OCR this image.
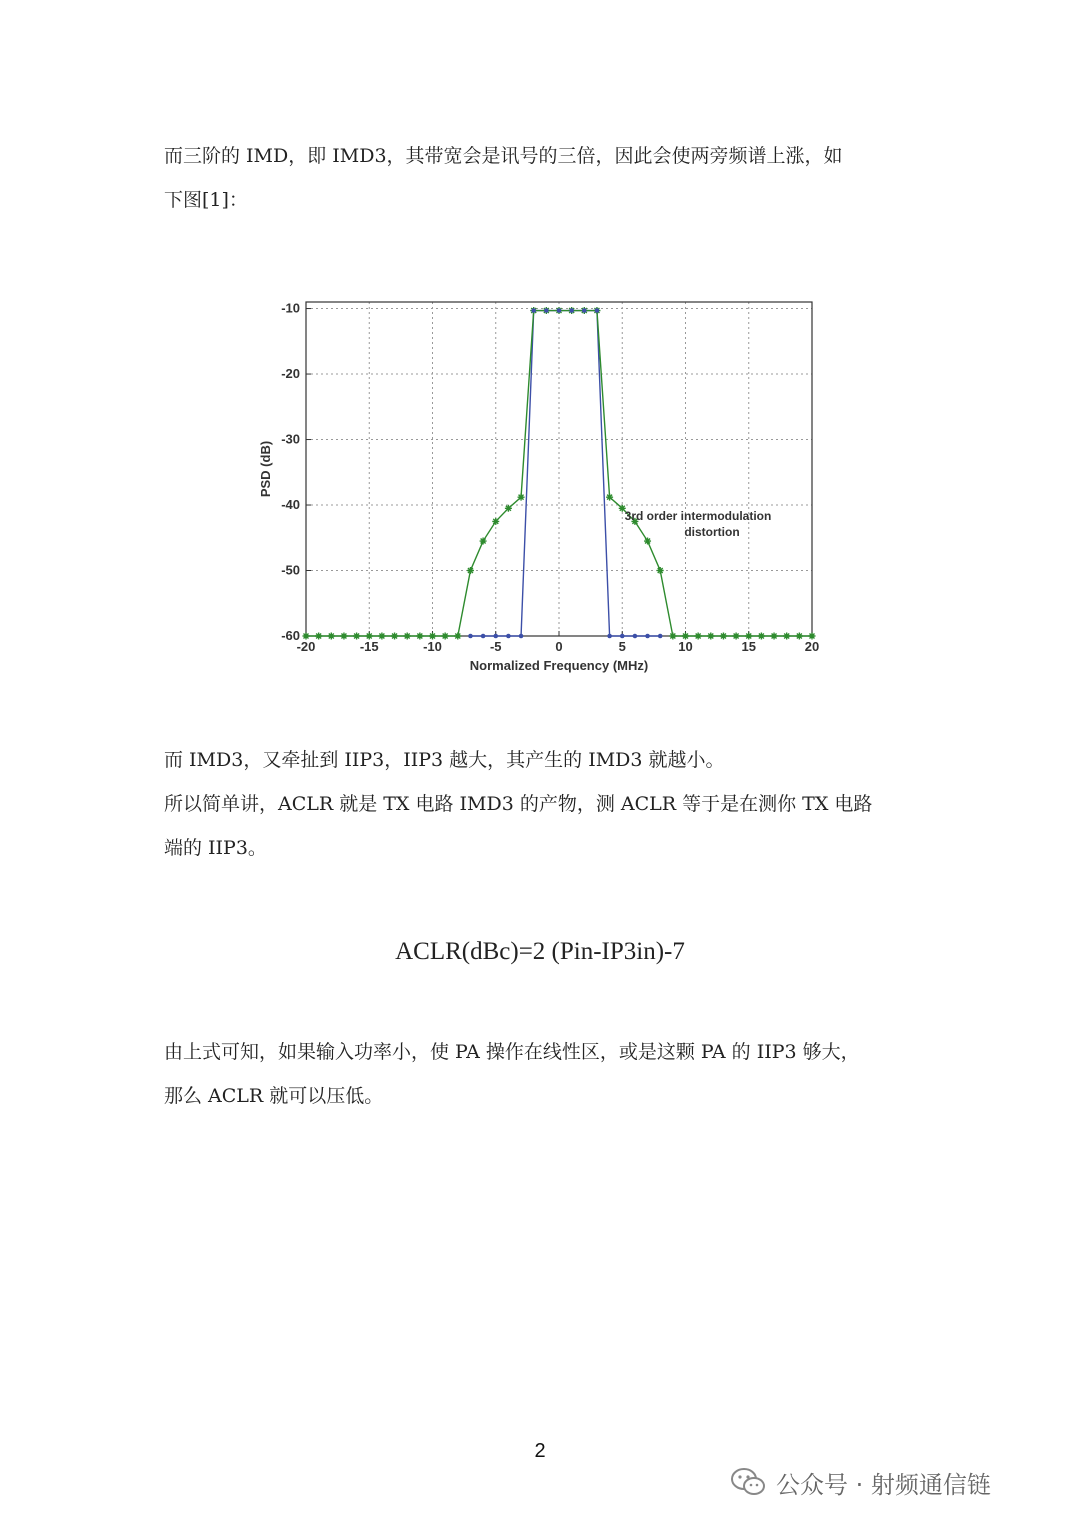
而三阶的 IMD，即 IMD3，其带宽会是讯号的三倍，因此会使两旁频谱上涨，如
下图[1]：
-20	-15	-10	-5	0	5	10	15	20
-10
-20
-30
-40
-50
-60
Normalized Frequency (MHz)
PSD (dB)
3rd order intermodulation
distortion
而 IMD3，又牵扯到 IIP3，IIP3 越大，其产生的 IMD3 就越小。
所以简单讲，ACLR 就是 TX 电路 IMD3 的产物，测 ACLR 等于是在测你 TX 电路
端的 IIP3。
ACLR(dBc)=2 (Pin-IP3in)-7
由上式可知，如果输入功率小，使 PA 操作在线性区，或是这颗 PA 的 IIP3 够大，
那么 ACLR 就可以压低。
2
公众号 · 射频通信链
